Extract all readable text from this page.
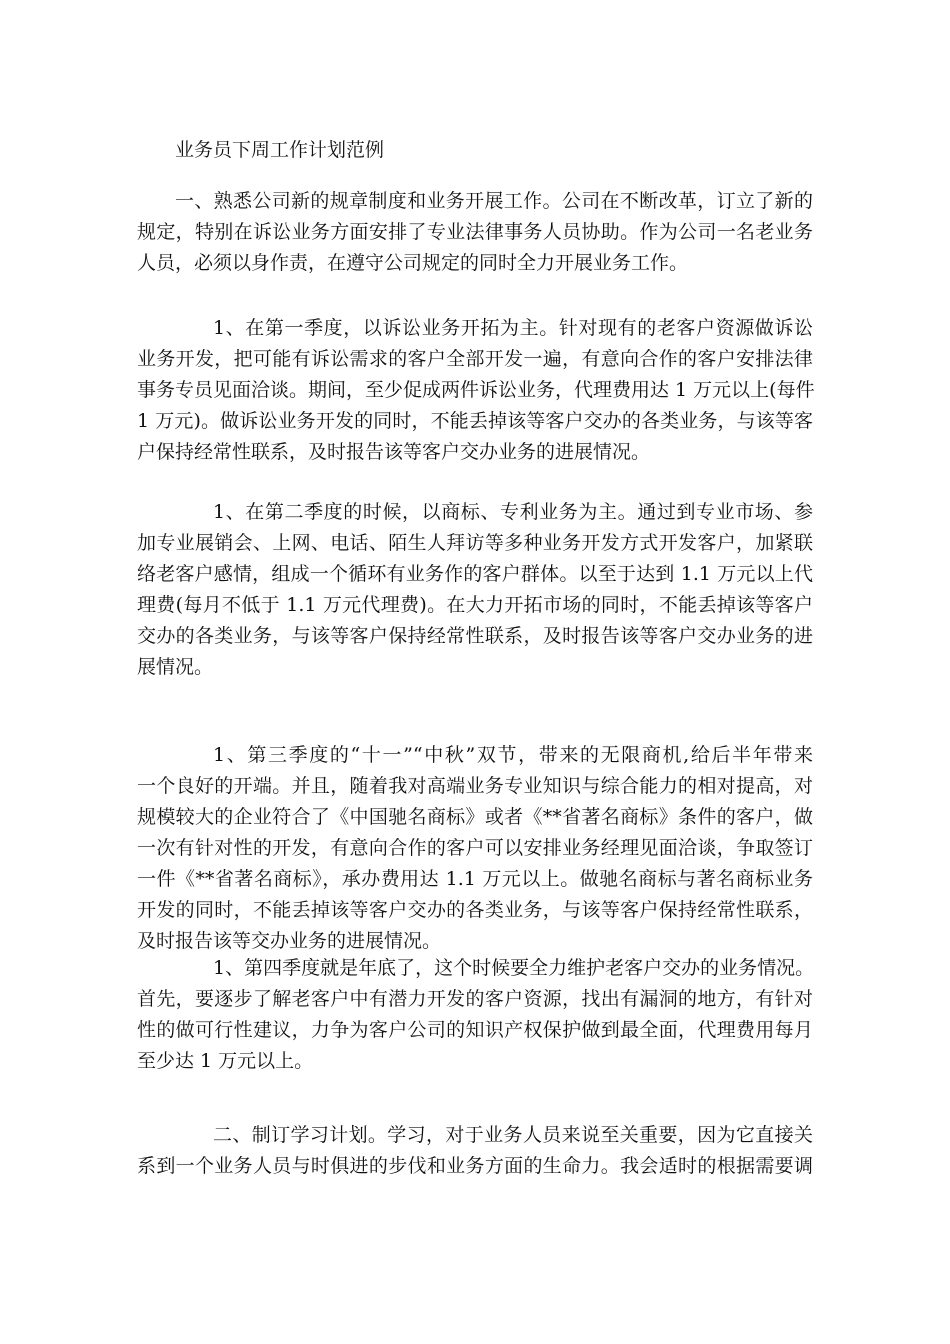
业务员下周工作计划范例
一、熟悉公司新的规章制度和业务开展工作。公司在不断改革，订立了新的
规定，特别在诉讼业务方面安排了专业法律事务人员协助。作为公司一名老业务
人员，必须以身作责，在遵守公司规定的同时全力开展业务工作。
1、在第一季度，以诉讼业务开拓为主。针对现有的老客户资源做诉讼
业务开发，把可能有诉讼需求的客户全部开发一遍，有意向合作的客户安排法律
事务专员见面洽谈。期间，至少促成两件诉讼业务，代理费用达 1 万元以上(每件
1 万元)。做诉讼业务开发的同时，不能丢掉该等客户交办的各类业务，与该等客
户保持经常性联系，及时报告该等客户交办业务的进展情况。
1、在第二季度的时候，以商标、专利业务为主。通过到专业市场、参
加专业展销会、上网、电话、陌生人拜访等多种业务开发方式开发客户，加紧联
络老客户感情，组成一个循环有业务作的客户群体。以至于达到 1.1 万元以上代
理费(每月不低于 1.1 万元代理费)。在大力开拓市场的同时，不能丢掉该等客户
交办的各类业务，与该等客户保持经常性联系，及时报告该等客户交办业务的进
展情况。
1、第三季度的“十一”“中秋”双节，带来的无限商机,给后半年带来
一个良好的开端。并且，随着我对高端业务专业知识与综合能力的相对提高，对
规模较大的企业符合了《中国驰名商标》或者《**省著名商标》条件的客户，做
一次有针对性的开发，有意向合作的客户可以安排业务经理见面洽谈，争取签订
一件《**省著名商标》，承办费用达 1.1 万元以上。做驰名商标与著名商标业务
开发的同时，不能丢掉该等客户交办的各类业务，与该等客户保持经常性联系，
及时报告该等交办业务的进展情况。
1、第四季度就是年底了，这个时候要全力维护老客户交办的业务情况。
首先，要逐步了解老客户中有潜力开发的客户资源，找出有漏洞的地方，有针对
性的做可行性建议，力争为客户公司的知识产权保护做到最全面，代理费用每月
至少达 1 万元以上。
二、制订学习计划。学习，对于业务人员来说至关重要，因为它直接关
系到一个业务人员与时俱进的步伐和业务方面的生命力。我会适时的根据需要调
